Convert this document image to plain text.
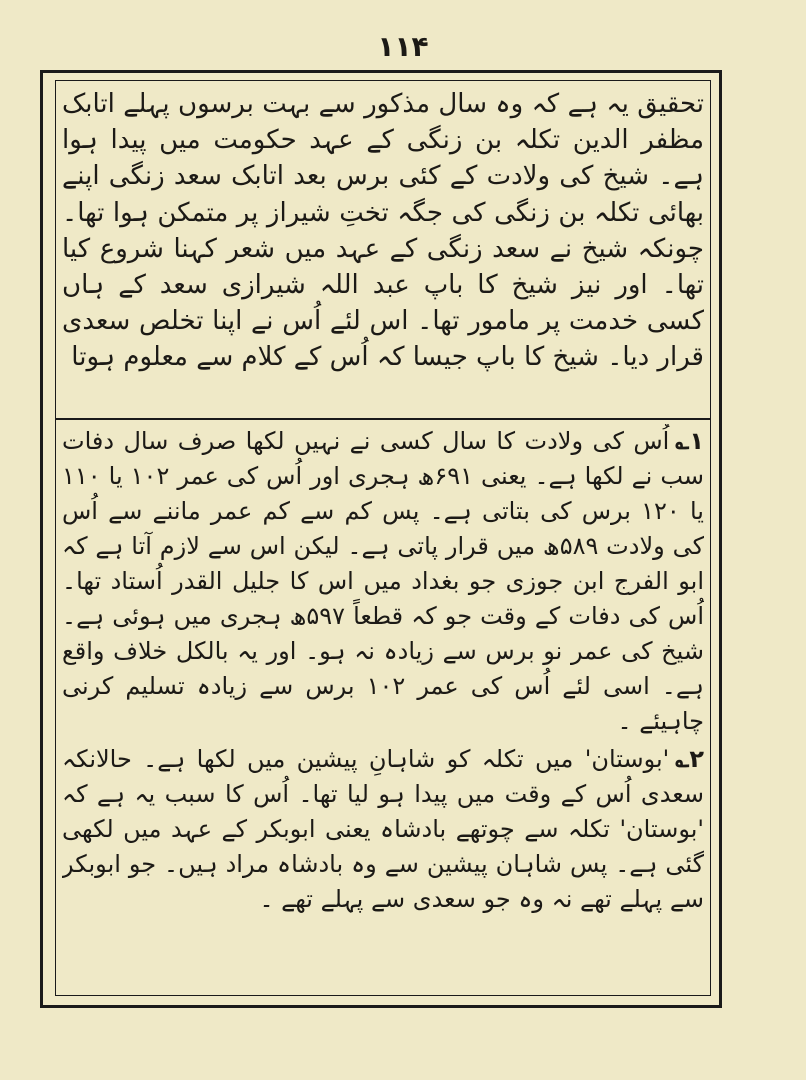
۱۱۴
تحقیق یہ ہے کہ وہ سال مذکور سے بہت برسوں پہلے اتابک مظفر الدین تکلہ بن زنگی کے عہد حکومت میں پیدا ہوا ہے۔ شیخ کی ولادت کے کئی برس بعد اتابک سعد زنگی اپنے بھائی تکلہ بن زنگی کی جگہ تختِ شیراز پر متمکن ہوا تھا۔ چونکہ شیخ نے سعد زنگی کے عہد میں شعر کہنا شروع کیا تھا۔ اور نیز شیخ کا باپ عبد اللہ شیرازی سعد کے ہاں کسی خدمت پر مامور تھا۔ اس لئے اُس نے اپنا تخلص سعدی قرار دیا۔ شیخ کا باپ جیسا کہ اُس کے کلام سے معلوم ہوتا

۱؎اُس کی ولادت کا سال کسی نے نہیں لکھا صرف سال دفات سب نے لکھا ہے۔ یعنی ۶۹۱ھ ہجری اور اُس کی عمر ۱۰۲ یا ۱۱۰ یا ۱۲۰ برس کی بتاتی ہے۔ پس کم سے کم عمر ماننے سے اُس کی ولادت ۵۸۹ھ میں قرار پاتی ہے۔ لیکن اس سے لازم آتا ہے کہ ابو الفرج ابن جوزی جو بغداد میں اس کا جلیل القدر اُستاد تھا۔ اُس کی دفات کے وقت جو کہ قطعاً ۵۹۷ھ ہجری میں ہوئی ہے۔ شیخ کی عمر نو برس سے زیادہ نہ ہو۔ اور یہ بالکل خلاف واقع ہے۔ اسی لئے اُس کی عمر ۱۰۲ برس سے زیادہ تسلیم کرنی چاہیئے ۔

۲؎'بوستان' میں تکلہ کو شاہانِ پیشین میں لکھا ہے۔ حالانکہ سعدی اُس کے وقت میں پیدا ہو لیا تھا۔ اُس کا سبب یہ ہے کہ 'بوستان' تکلہ سے چوتھے بادشاہ یعنی ابوبکر کے عہد میں لکھی گئی ہے۔ پس شاہان پیشین سے وہ بادشاہ مراد ہیں۔ جو ابوبکر سے پہلے تھے نہ وہ جو سعدی سے پہلے تھے ۔
